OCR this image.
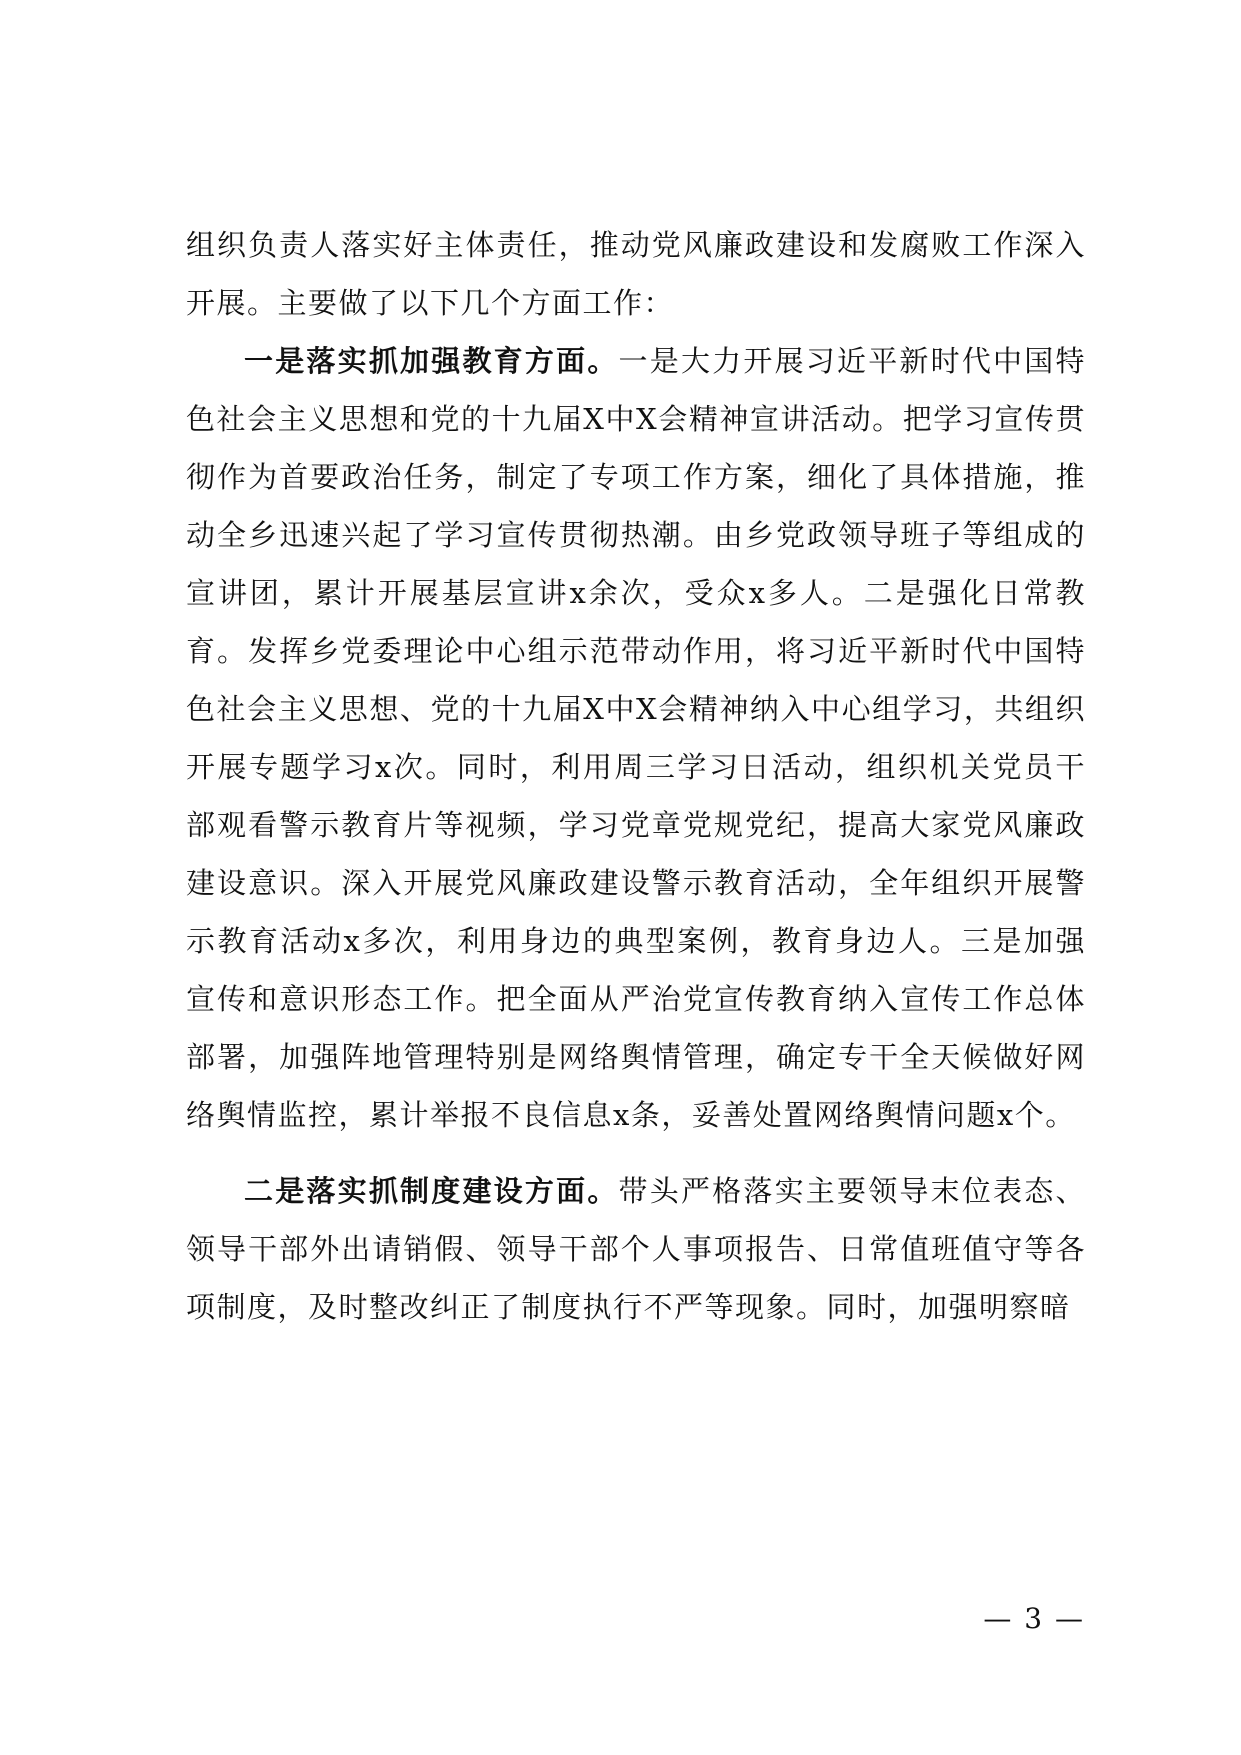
组织负责人落实好主体责任，推动党风廉政建设和发腐败工作深入开展。主要做了以下几个方面工作：

一是落实抓加强教育方面。一是大力开展习近平新时代中国特色社会主义思想和党的十九届X中X会精神宣讲活动。把学习宣传贯彻作为首要政治任务，制定了专项工作方案，细化了具体措施，推动全乡迅速兴起了学习宣传贯彻热潮。由乡党政领导班子等组成的宣讲团，累计开展基层宣讲x余次，受众x多人。二是强化日常教育。发挥乡党委理论中心组示范带动作用，将习近平新时代中国特色社会主义思想、党的十九届X中X会精神纳入中心组学习，共组织开展专题学习x次。同时，利用周三学习日活动，组织机关党员干部观看警示教育片等视频，学习党章党规党纪，提高大家党风廉政建设意识。深入开展党风廉政建设警示教育活动，全年组织开展警示教育活动x多次，利用身边的典型案例，教育身边人。三是加强宣传和意识形态工作。把全面从严治党宣传教育纳入宣传工作总体部署，加强阵地管理特别是网络舆情管理，确定专干全天候做好网络舆情监控，累计举报不良信息x条，妥善处置网络舆情问题x个。

二是落实抓制度建设方面。带头严格落实主要领导末位表态、领导干部外出请销假、领导干部个人事项报告、日常值班值守等各项制度，及时整改纠正了制度执行不严等现象。同时，加强明察暗

— 3 —
